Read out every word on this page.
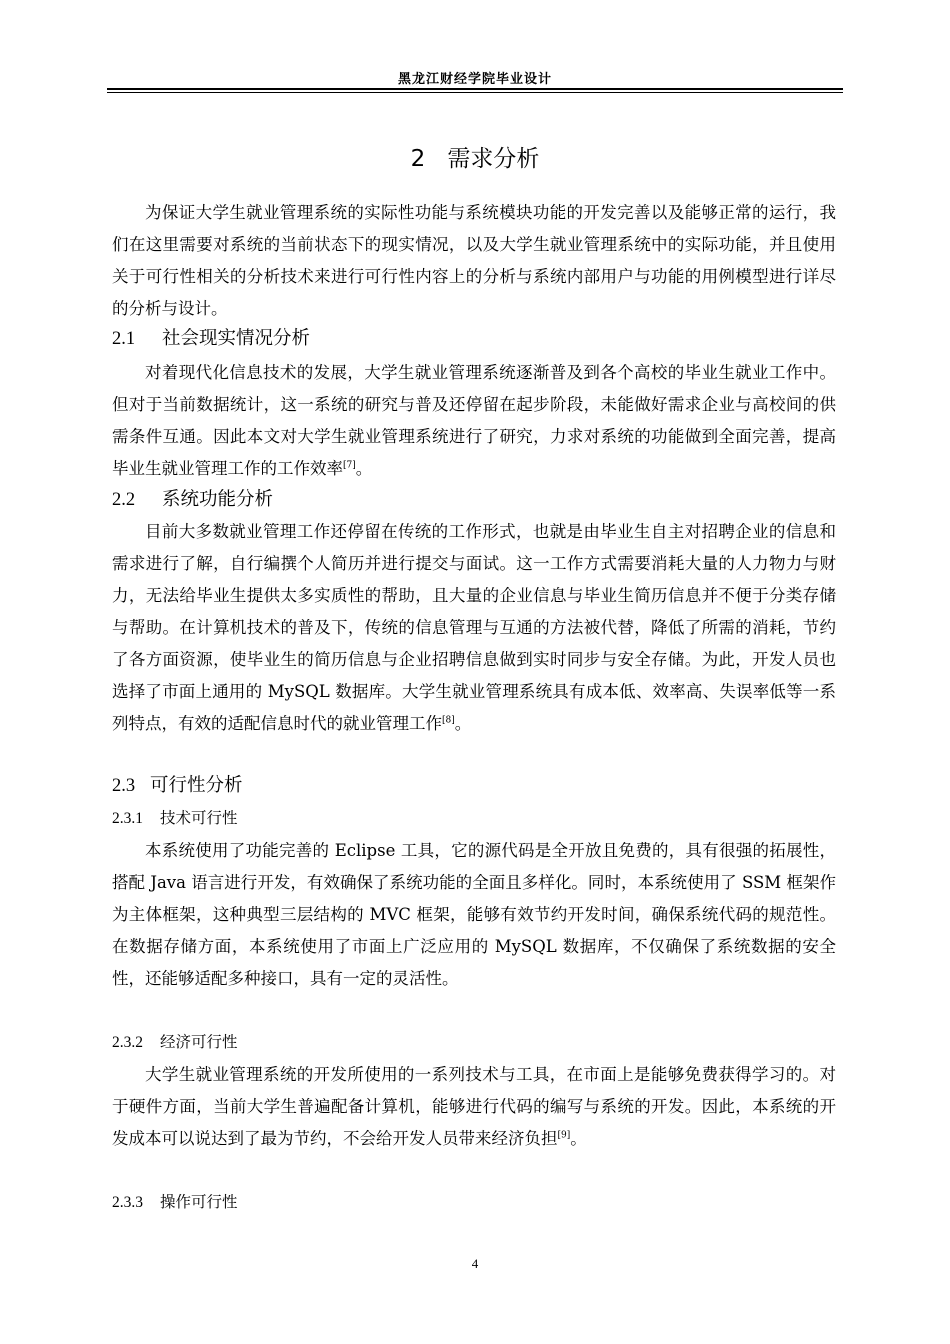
黑龙江财经学院毕业设计
2 需求分析
为保证大学生就业管理系统的实际性功能与系统模块功能的开发完善以及能够正常的运行，我们在这里需要对系统的当前状态下的现实情况，以及大学生就业管理系统中的实际功能，并且使用关于可行性相关的分析技术来进行可行性内容上的分析与系统内部用户与功能的用例模型进行详尽的分析与设计。
2.1 社会现实情况分析
对着现代化信息技术的发展，大学生就业管理系统逐渐普及到各个高校的毕业生就业工作中。但对于当前数据统计，这一系统的研究与普及还停留在起步阶段，未能做好需求企业与高校间的供需条件互通。因此本文对大学生就业管理系统进行了研究，力求对系统的功能做到全面完善，提高毕业生就业管理工作的工作效率[7]。
2.2 系统功能分析
目前大多数就业管理工作还停留在传统的工作形式，也就是由毕业生自主对招聘企业的信息和需求进行了解，自行编撰个人简历并进行提交与面试。这一工作方式需要消耗大量的人力物力与财力，无法给毕业生提供太多实质性的帮助，且大量的企业信息与毕业生简历信息并不便于分类存储与帮助。在计算机技术的普及下，传统的信息管理与互通的方法被代替，降低了所需的消耗，节约了各方面资源，使毕业生的简历信息与企业招聘信息做到实时同步与安全存储。为此，开发人员也选择了市面上通用的 MySQL 数据库。大学生就业管理系统具有成本低、效率高、失误率低等一系列特点，有效的适配信息时代的就业管理工作[8]。
2.3 可行性分析
2.3.1 技术可行性
本系统使用了功能完善的 Eclipse 工具，它的源代码是全开放且免费的，具有很强的拓展性，搭配 Java 语言进行开发，有效确保了系统功能的全面且多样化。同时，本系统使用了 SSM 框架作为主体框架，这种典型三层结构的 MVC 框架，能够有效节约开发时间，确保系统代码的规范性。在数据存储方面，本系统使用了市面上广泛应用的 MySQL 数据库，不仅确保了系统数据的安全性，还能够适配多种接口，具有一定的灵活性。
2.3.2 经济可行性
大学生就业管理系统的开发所使用的一系列技术与工具，在市面上是能够免费获得学习的。对于硬件方面，当前大学生普遍配备计算机，能够进行代码的编写与系统的开发。因此，本系统的开发成本可以说达到了最为节约，不会给开发人员带来经济负担[9]。
2.3.3 操作可行性
4
